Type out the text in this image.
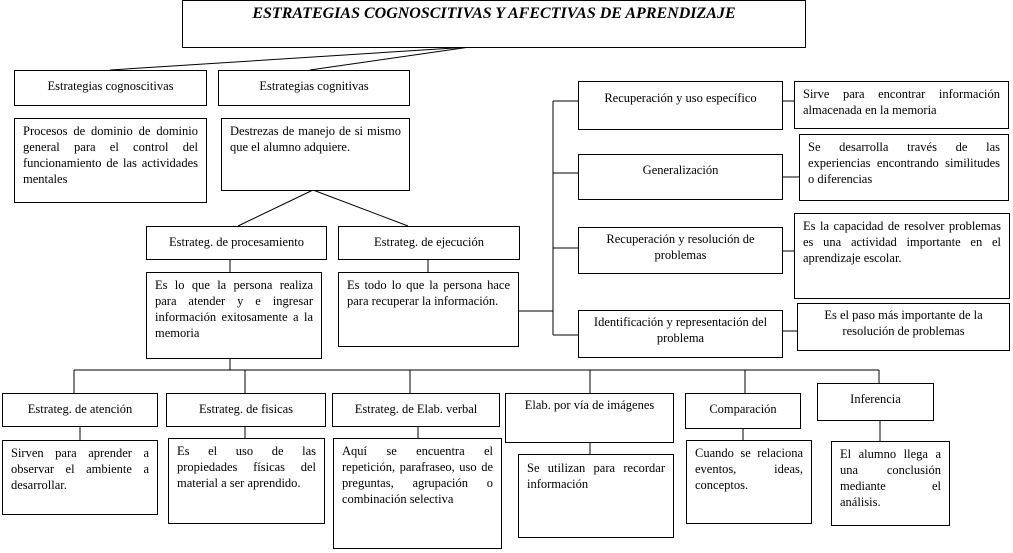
ESTRATEGIAS COGNOSCITIVAS Y AFECTIVAS DE APRENDIZAJE
Estrategias cognoscitivas
Procesos de dominio de dominio general para el control del funcionamiento de las actividades mentales
Estrategias cognitivas
Destrezas de manejo de si mismo que el alumno adquiere.
Estrateg. de procesamiento
Es lo que la persona realiza para atender y e ingresar información exitosamente a la memoria
Estrateg. de ejecución
Es todo lo que la persona hace para recuperar la información.
Recuperación y uso específico	Sirve para encontrar información almacenada en la memoria
Generalización
Se desarrolla través de las experiencias encontrando similitudes o diferencias
Recuperación y resolución de problemas
Es la capacidad de resolver problemas es una actividad importante en el aprendizaje escolar.
Identificación y representación del problema
Es el paso más importante de la resolución de problemas
Estrateg. de atención
Sirven para aprender a observar el ambiente a desarrollar.
Estrateg. de fisicas
Es el uso de las propiedades físicas del material a ser aprendido.
Estrateg. de Elab. verbal
Aquí se encuentra el repetición, parafraseo, uso de preguntas, agrupación o combinación selectiva
Elab. por vía de imágenes
Se utilizan para recordar información
Comparación
Cuando se relaciona eventos, ideas, conceptos.
Inferencia
El alumno llega a una conclusión mediante el análisis.
